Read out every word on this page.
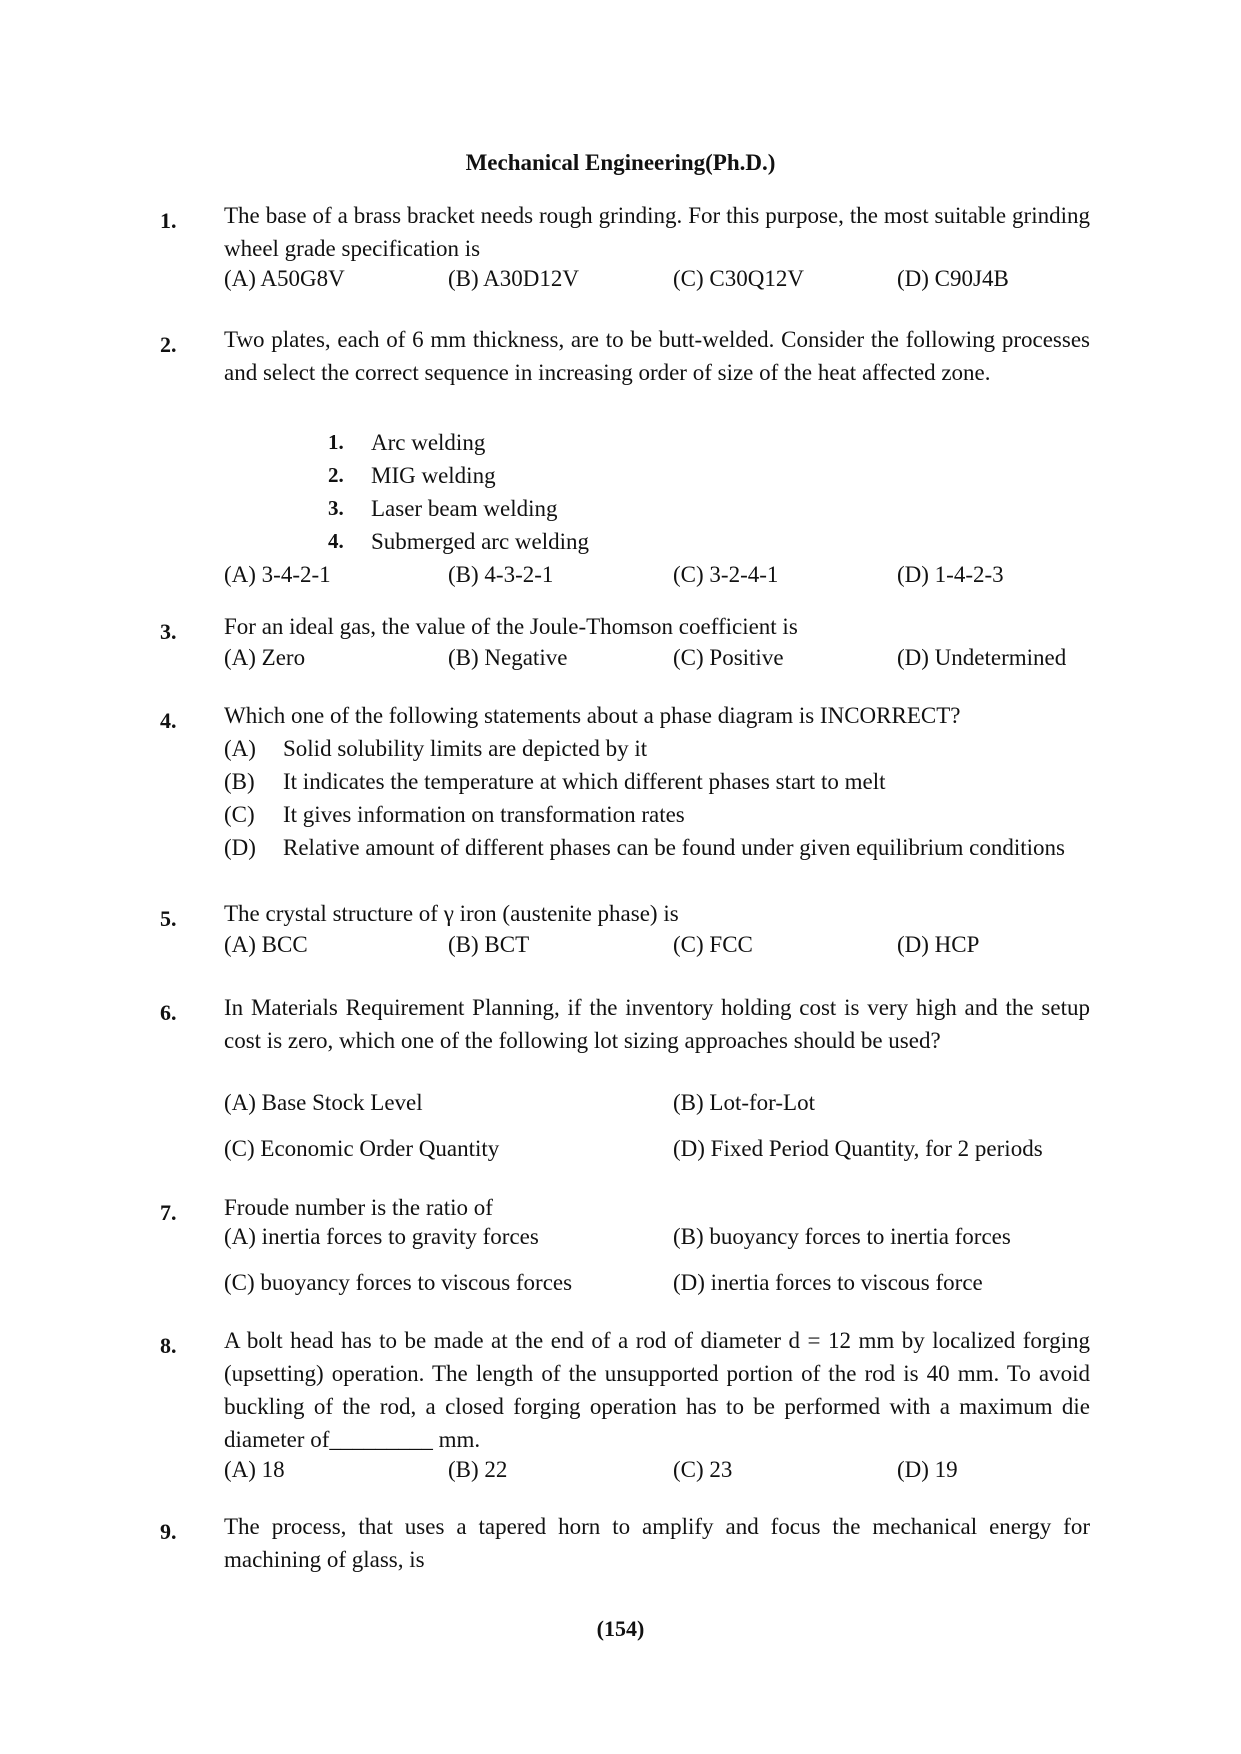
Mechanical Engineering(Ph.D.)
1. The base of a brass bracket needs rough grinding. For this purpose, the most suitable grinding wheel grade specification is
(A) A50G8V	(B) A30D12V	(C) C30Q12V	(D) C90J4B
2. Two plates, each of 6 mm thickness, are to be butt-welded. Consider the following processes and select the correct sequence in increasing order of size of the heat affected zone.
1. Arc welding
2. MIG welding
3. Laser beam welding
4. Submerged arc welding
(A) 3-4-2-1	(B) 4-3-2-1	(C) 3-2-4-1	(D) 1-4-2-3
3. For an ideal gas, the value of the Joule-Thomson coefficient is
(A) Zero	(B) Negative	(C) Positive	(D) Undetermined
4. Which one of the following statements about a phase diagram is INCORRECT?
(A) Solid solubility limits are depicted by it
(B) It indicates the temperature at which different phases start to melt
(C) It gives information on transformation rates
(D) Relative amount of different phases can be found under given equilibrium conditions
5. The crystal structure of γ iron (austenite phase) is
(A) BCC	(B) BCT	(C) FCC	(D) HCP
6. In Materials Requirement Planning, if the inventory holding cost is very high and the setup cost is zero, which one of the following lot sizing approaches should be used?
(A) Base Stock Level	(B) Lot-for-Lot
(C) Economic Order Quantity	(D) Fixed Period Quantity, for 2 periods
7. Froude number is the ratio of
(A) inertia forces to gravity forces	(B) buoyancy forces to inertia forces
(C) buoyancy forces to viscous forces	(D) inertia forces to viscous force
8. A bolt head has to be made at the end of a rod of diameter d = 12 mm by localized forging (upsetting) operation. The length of the unsupported portion of the rod is 40 mm. To avoid buckling of the rod, a closed forging operation has to be performed with a maximum die diameter of_________ mm.
(A) 18	(B) 22	(C) 23	(D) 19
9. The process, that uses a tapered horn to amplify and focus the mechanical energy for machining of glass, is
(154)
